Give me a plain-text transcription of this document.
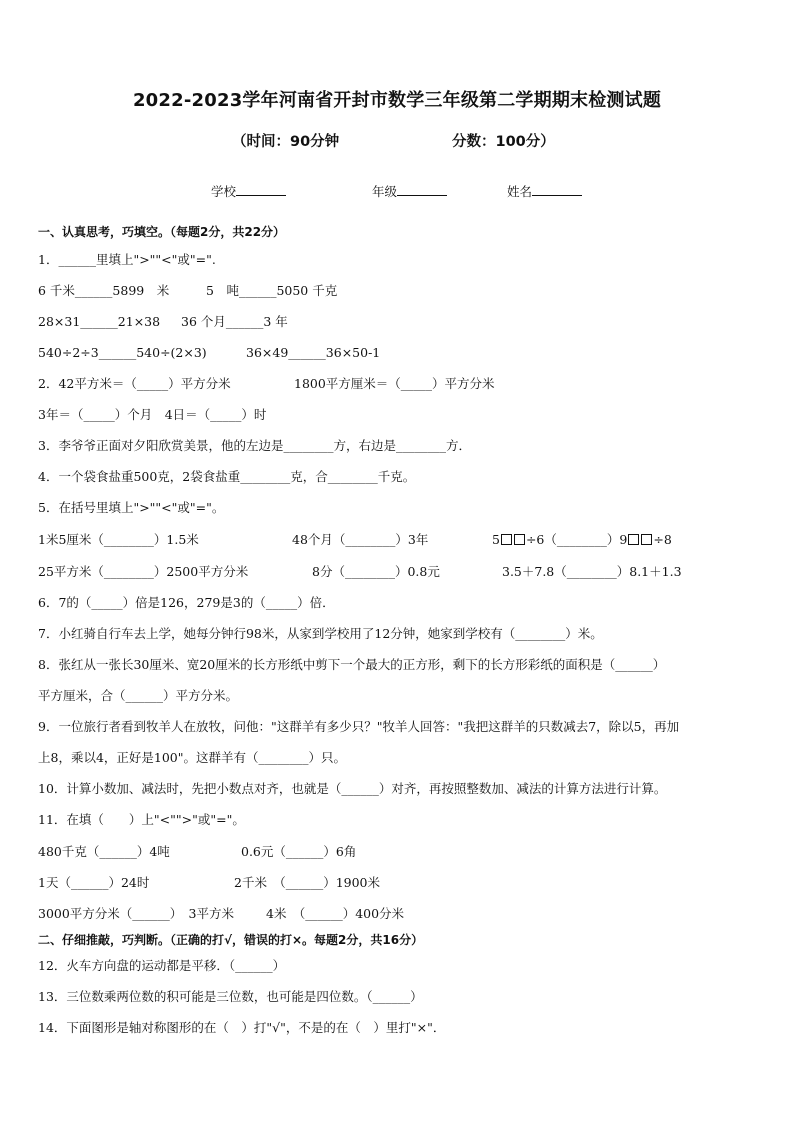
2022-2023学年河南省开封市数学三年级第二学期期末检测试题
（时间：90分钟	分数：100分）
学校	年级	姓名
一、认真思考，巧填空。（每题2分，共22分）
1．______里填上">""<"或"=".
6 千米______5899　米	5　吨______5050 千克
28×31______21×38 36 个月______3 年
540÷2÷3______540÷(2×3)	36×49______36×50-1
2．42平方米＝（_____）平方分米	1800平方厘米＝（_____）平方分米
3年＝（_____）个月　4日＝（_____）时
3．李爷爷正面对夕阳欣赏美景，他的左边是________方，右边是________方．
4．一个袋食盐重500克，2袋食盐重________克，合________千克。
5．在括号里填上">""<"或"="。
1米5厘米（________）1.5米	48个月（________）3年	5 ÷6（________）9 ÷8
25平方米（________）2500平方分米	8分（________）0.8元	3.5＋7.8（________）8.1＋1.3
6．7的（_____）倍是126，279是3的（_____）倍．
7．小红骑自行车去上学，她每分钟行98米，从家到学校用了12分钟，她家到学校有（________）米。
8．张红从一张长30厘米、宽20厘米的长方形纸中剪下一个最大的正方形，剩下的长方形彩纸的面积是（______）
平方厘米，合（______）平方分米。
9．一位旅行者看到牧羊人在放牧，问他："这群羊有多少只？"牧羊人回答："我把这群羊的只数减去7，除以5，再加
上8，乘以4，正好是100"。这群羊有（________）只。
10．计算小数加、减法时，先把小数点对齐，也就是（______）对齐，再按照整数加、减法的计算方法进行计算。
11．在填（　　）上"<"">"或"="。
480千克（______）4吨	0.6元（______）6角
1天（______）24时	2千米　（______）1900米
3000平方分米（______）　3平方米	4米　（______）400分米
二、仔细推敲，巧判断。（正确的打√，错误的打×。每题2分，共16分）
12．火车方向盘的运动都是平移．（______）
13．三位数乘两位数的积可能是三位数，也可能是四位数。（______）
14．下面图形是轴对称图形的在（　）打"√"，不是的在（　）里打"×"．
